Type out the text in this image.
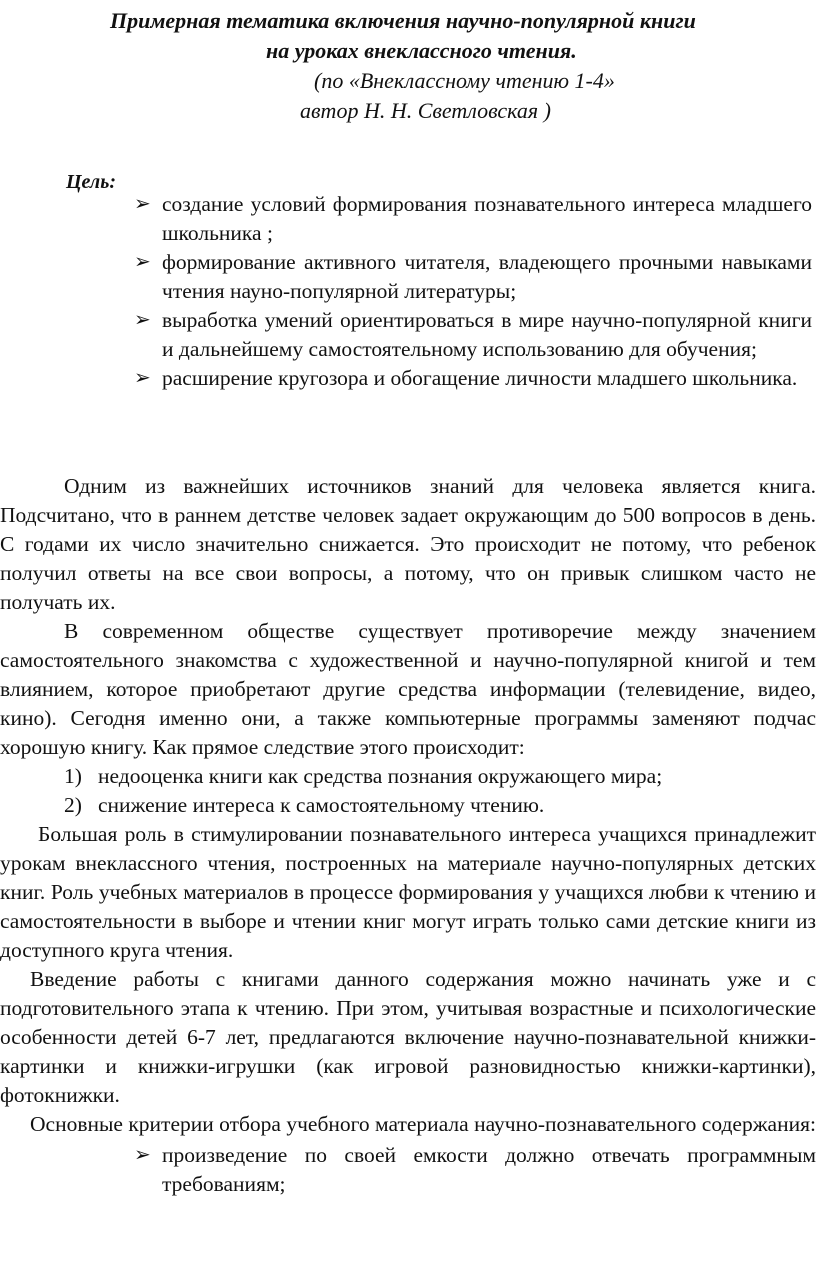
Примерная тематика включения научно-популярной книги
на уроках внеклассного чтения.
(по «Внеклассному чтению 1-4»
автор Н. Н. Светловская )
Цель:
➢ создание условий формирования познавательного интереса младшего школьника ;
➢ формирование активного читателя, владеющего прочными навыками чтения науно-популярной литературы;
➢ выработка умений ориентироваться в мире научно-популярной книги и дальнейшему самостоятельному использованию для обучения;
➢ расширение кругозора и обогащение личности младшего школьника.

Одним из важнейших источников знаний для человека является книга. Подсчитано, что в раннем детстве человек задает окружающим до 500 вопросов в день. С годами их число значительно снижается. Это происходит не потому, что ребенок получил ответы на все свои вопросы, а потому, что он привык слишком часто не получать их.

В современном обществе существует противоречие между значением самостоятельного знакомства с художественной и научно-популярной книгой и тем влиянием, которое приобретают другие средства информации (телевидение, видео, кино). Сегодня именно они, а также компьютерные программы заменяют подчас хорошую книгу. Как прямое следствие этого происходит:

1) недооценка книги как средства познания окружающего мира;
2) снижение интереса к самостоятельному чтению.

Большая роль в стимулировании познавательного интереса учащихся принадлежит урокам внеклассного чтения, построенных на материале научно-популярных детских книг. Роль учебных материалов в процессе формирования у учащихся любви к чтению и самостоятельности в выборе и чтении книг могут играть только сами детские книги из доступного круга чтения.

Введение работы с книгами данного содержания можно начинать уже и с подготовительного этапа к чтению. При этом, учитывая возрастные и психологические особенности детей 6-7 лет, предлагаются включение научно-познавательной книжки-картинки и книжки-игрушки (как игровой разновидностью книжки-картинки), фотокнижки.

Основные критерии отбора учебного материала научно-познавательного содержания:

➢ произведение по своей емкости должно отвечать программным требованиям;
